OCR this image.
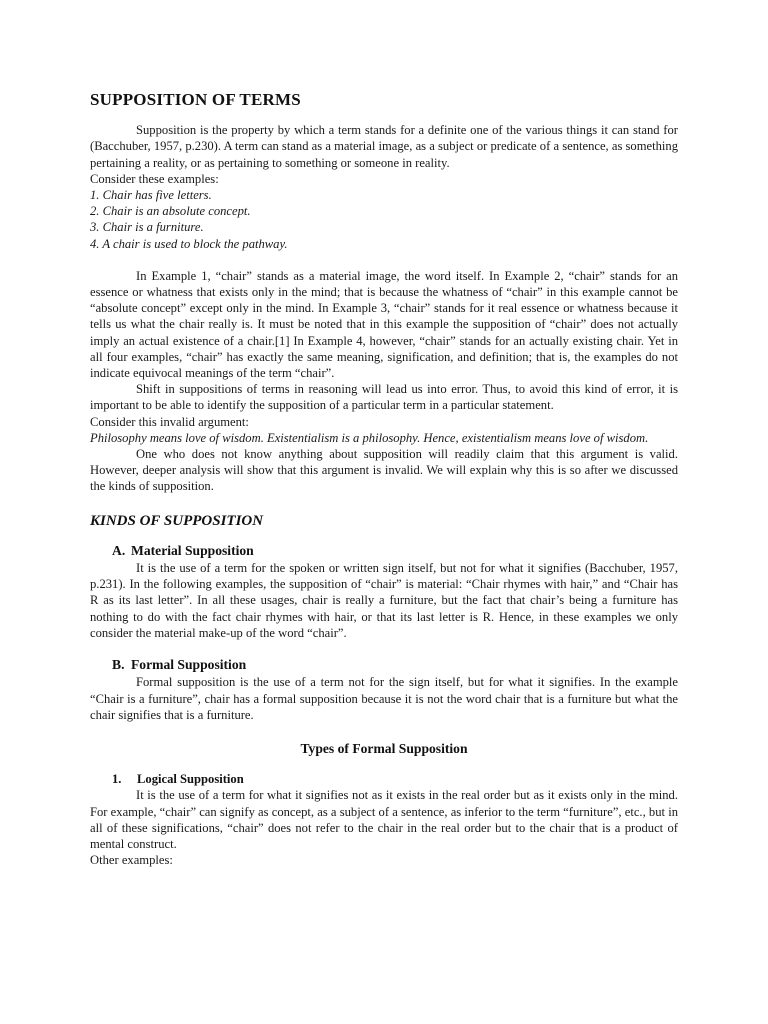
SUPPOSITION OF TERMS

Supposition is the property by which a term stands for a definite one of the various things it can stand for (Bacchuber, 1957, p.230). A term can stand as a material image, as a subject or predicate of a sentence, as something pertaining a reality, or as pertaining to something or someone in reality.

Consider these examples:

1. Chair has five letters.

2. Chair is an absolute concept.

3. Chair is a furniture.

4. A chair is used to block the pathway.

In Example 1, “chair” stands as a material image, the word itself. In Example 2, “chair” stands for an essence or whatness that exists only in the mind; that is because the whatness of “chair” in this example cannot be “absolute concept” except only in the mind. In Example 3, “chair” stands for it real essence or whatness because it tells us what the chair really is. It must be noted that in this example the supposition of “chair” does not actually imply an actual existence of a chair.[1] In Example 4, however, “chair” stands for an actually existing chair. Yet in all four examples, “chair” has exactly the same meaning, signification, and definition; that is, the examples do not indicate equivocal meanings of the term “chair”.

Shift in suppositions of terms in reasoning will lead us into error. Thus, to avoid this kind of error, it is important to be able to identify the supposition of a particular term in a particular statement.

Consider this invalid argument:

Philosophy means love of wisdom. Existentialism is a philosophy. Hence, existentialism means love of wisdom.

One who does not know anything about supposition will readily claim that this argument is valid. However, deeper analysis will show that this argument is invalid. We will explain why this is so after we discussed the kinds of supposition.

KINDS OF SUPPOSITION
A. Material Supposition

It is the use of a term for the spoken or written sign itself, but not for what it signifies (Bacchuber, 1957, p.231). In the following examples, the supposition of “chair” is material: “Chair rhymes with hair,” and “Chair has R as its last letter”. In all these usages, chair is really a furniture, but the fact that chair’s being a furniture has nothing to do with the fact chair rhymes with hair, or that its last letter is R. Hence, in these examples we only consider the material make-up of the word “chair”.

B. Formal Supposition

Formal supposition is the use of a term not for the sign itself, but for what it signifies. In the example “Chair is a furniture”, chair has a formal supposition because it is not the word chair that is a furniture but what the chair signifies that is a furniture.

Types of Formal Supposition
1.	Logical Supposition

It is the use of a term for what it signifies not as it exists in the real order but as it exists only in the mind. For example, “chair” can signify as concept, as a subject of a sentence, as inferior to the term “furniture”, etc., but in all of these significations, “chair” does not refer to the chair in the real order but to the chair that is a product of mental construct.

Other examples:
